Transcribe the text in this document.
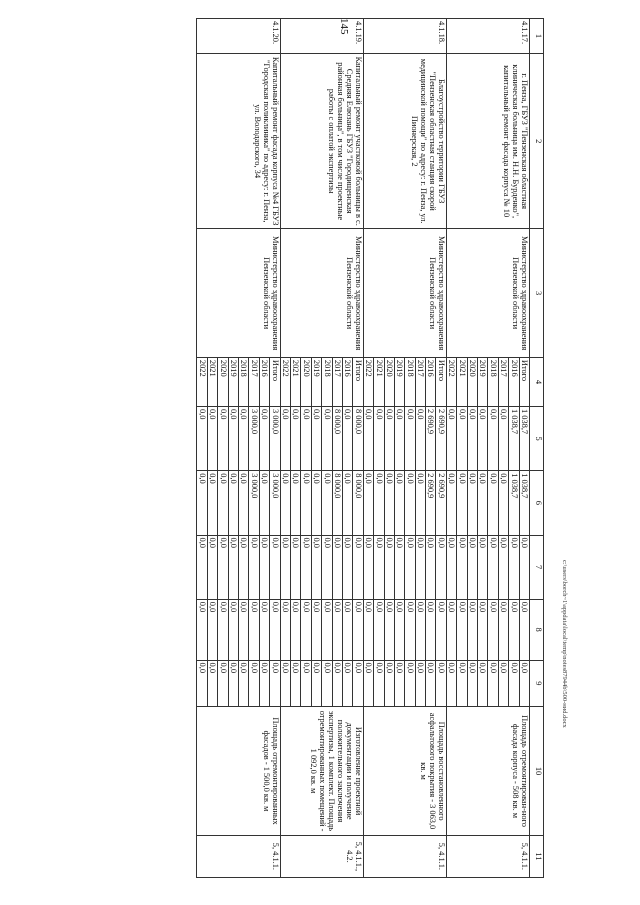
145
1	2	3	4	5	6	7	8	9	10	11
4.1.17.	г. Пенза, ГБУЗ "Пензенская областная клиническая больница им. Н.Н. Бурденко", капитальный ремонт фасада корпуса № 10	Министерство здравоохранения Пензенской области	Итого	1 038,7	1 038,7	0,0	0,0	0,0	Площадь отремонтирован-ного фасада корпуса - 508 кв. м	5, 4.1.1.
			2016	1 038,7	1 038,7	0,0	0,0	0,0		
			2017	0,0	0,0	0,0	0,0	0,0		
			2018	0,0	0,0	0,0	0,0	0,0		
			2019	0,0	0,0	0,0	0,0	0,0		
			2020	0,0	0,0	0,0	0,0	0,0		
			2021	0,0	0,0	0,0	0,0	0,0		
			2022	0,0	0,0	0,0	0,0	0,0		
4.1.18.	Благоустройство территории ГБУЗ "Пензенская областная станция скорой медицинской помощи" по адресу: г. Пенза, ул. Пионерская, 2	Министерство здравоохранения Пензенской области	Итого	2 690,9	2 690,9	0,0	0,0	0,0	Площадь восстановленного асфальтового покрытия - 3 063,0 кв. м	5, 4.1.1.
			2016	2 690,9	2 690,9	0,0	0,0	0,0		
			2017	0,0	0,0	0,0	0,0	0,0		
			2018	0,0	0,0	0,0	0,0	0,0		
			2019	0,0	0,0	0,0	0,0	0,0		
			2020	0,0	0,0	0,0	0,0	0,0		
			2021	0,0	0,0	0,0	0,0	0,0		
			2022	0,0	0,0	0,0	0,0	0,0		
4.1.19.	Капитальный ремонт участковой больницы в с. Средняя Елюзань ГБУЗ "Городищенская районная больница", в том числе проектные работы с оплатой экспертизы	Министерство здравоохранения Пензенской области	Итого	8 000,0	8 000,0	0,0	0,0	0,0	Изготовление проектной документации и получение положительного заключения экспертизы, 1 комплект. Площадь отремонтированных помещений - 1 092,0 кв. м	5, 4.1.1., 4.2.
			2016	0,0	0,0	0,0	0,0	0,0		
			2017	8 000,0	8 000,0	0,0	0,0	0,0		
			2018	0,0	0,0	0,0	0,0	0,0		
			2019	0,0	0,0	0,0	0,0	0,0		
			2020	0,0	0,0	0,0	0,0	0,0		
			2021	0,0	0,0	0,0	0,0	0,0		
			2022	0,0	0,0	0,0	0,0	0,0		
4.1.20.	Капитальный ремонт фасада корпуса №4 ГБУЗ "Городская поликлиника" по адресу: г. Пенза, ул. Володарского, 34	Министерство здравоохранения Пензенской области	Итого	3 000,0	3 000,0	0,0	0,0	0,0	Площадь отремонтированных фасадов - 1 500,0 кв. м	5, 4.1.1.
			2016	0,0	0,0	0,0	0,0	0,0		
			2017	3 000,0	3 000,0	0,0	0,0	0,0		
			2018	0,0	0,0	0,0	0,0	0,0		
			2019	0,0	0,0	0,0	0,0	0,0		
			2020	0,0	0,0	0,0	0,0	0,0		
			2021	0,0	0,0	0,0	0,0	0,0		
			2022	0,0	0,0	0,0	0,0	0,0			c:\users\borch~1\appdata\local\temp\notes87944b\500-ниd.docx
